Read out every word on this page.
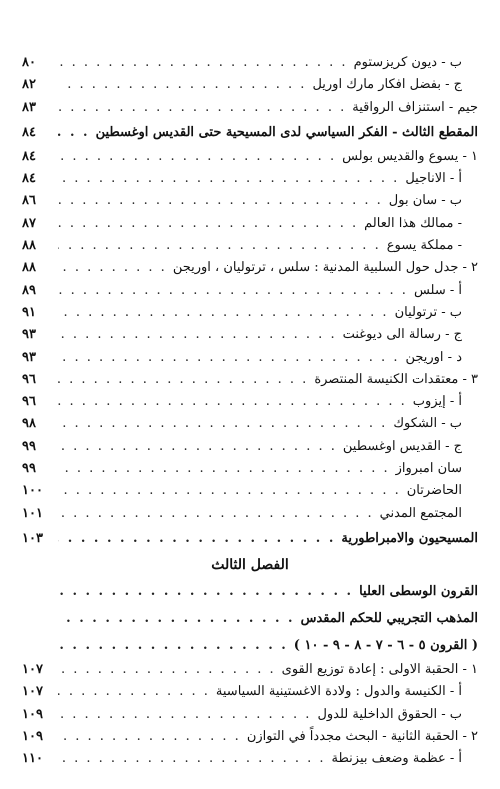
ب - ديون كريزستوم
. . .
٨٠
ج - بفضل افكار مارك اوريل
. . .
٨٢
جيم - استنزاف الرواقية
. . .
٨٣
المقطع الثالث - الفكر السياسي لدى المسيحية حتى القديس اوغسطين
. . .
٨٤
١ - يسوع والقديس بولس
. . .
٨٤
أ - الاناجيل
. . .
٨٤
ب - سان بول
. . .
٨٦
- ممالك هذا العالم
. . .
٨٧
- مملكة يسوع
. . .
٨٨
٢ - جدل حول السلبية المدنية : سلس ، ترتوليان ، اوريجن
. . .
٨٨
أ - سلس
. . .
٨٩
ب - ترتوليان
. . .
٩١
ج - رسالة الى ديوغنت
. . .
٩٣
د - اوريجن
. . .
٩٣
٣ - معتقدات الكنيسة المنتصرة
. . .
٩٦
أ - إيزوب
. . .
٩٦
ب - الشكوك
. . .
٩٨
ج - القديس اوغسطين
. . .
٩٩
سان امبرواز
. . .
٩٩
الحاضرتان
. . .
١٠٠
المجتمع المدني
. . .
١٠١
المسيحيون والامبراطورية
. . .
١٠٣
الفصل الثالث
القرون الوسطى العليا
. . .
المذهب التجريبي للحكم المقدس
. . .
( القرون ٥ - ٦ - ٧ - ٨ - ٩ - ١٠ )
. . .
١ - الحقبة الاولى : إعادة توزيع القوى
. . .
١٠٧
أ - الكنيسة والدول : ولادة الاغستينية السياسية
. . .
١٠٧
ب - الحقوق الداخلية للدول
. . .
١٠٩
٢ - الحقبة الثانية - البحث مجدداً في التوازن
. . .
١٠٩
أ - عظمة وضعف بيزنطة
. . .
١١٠
